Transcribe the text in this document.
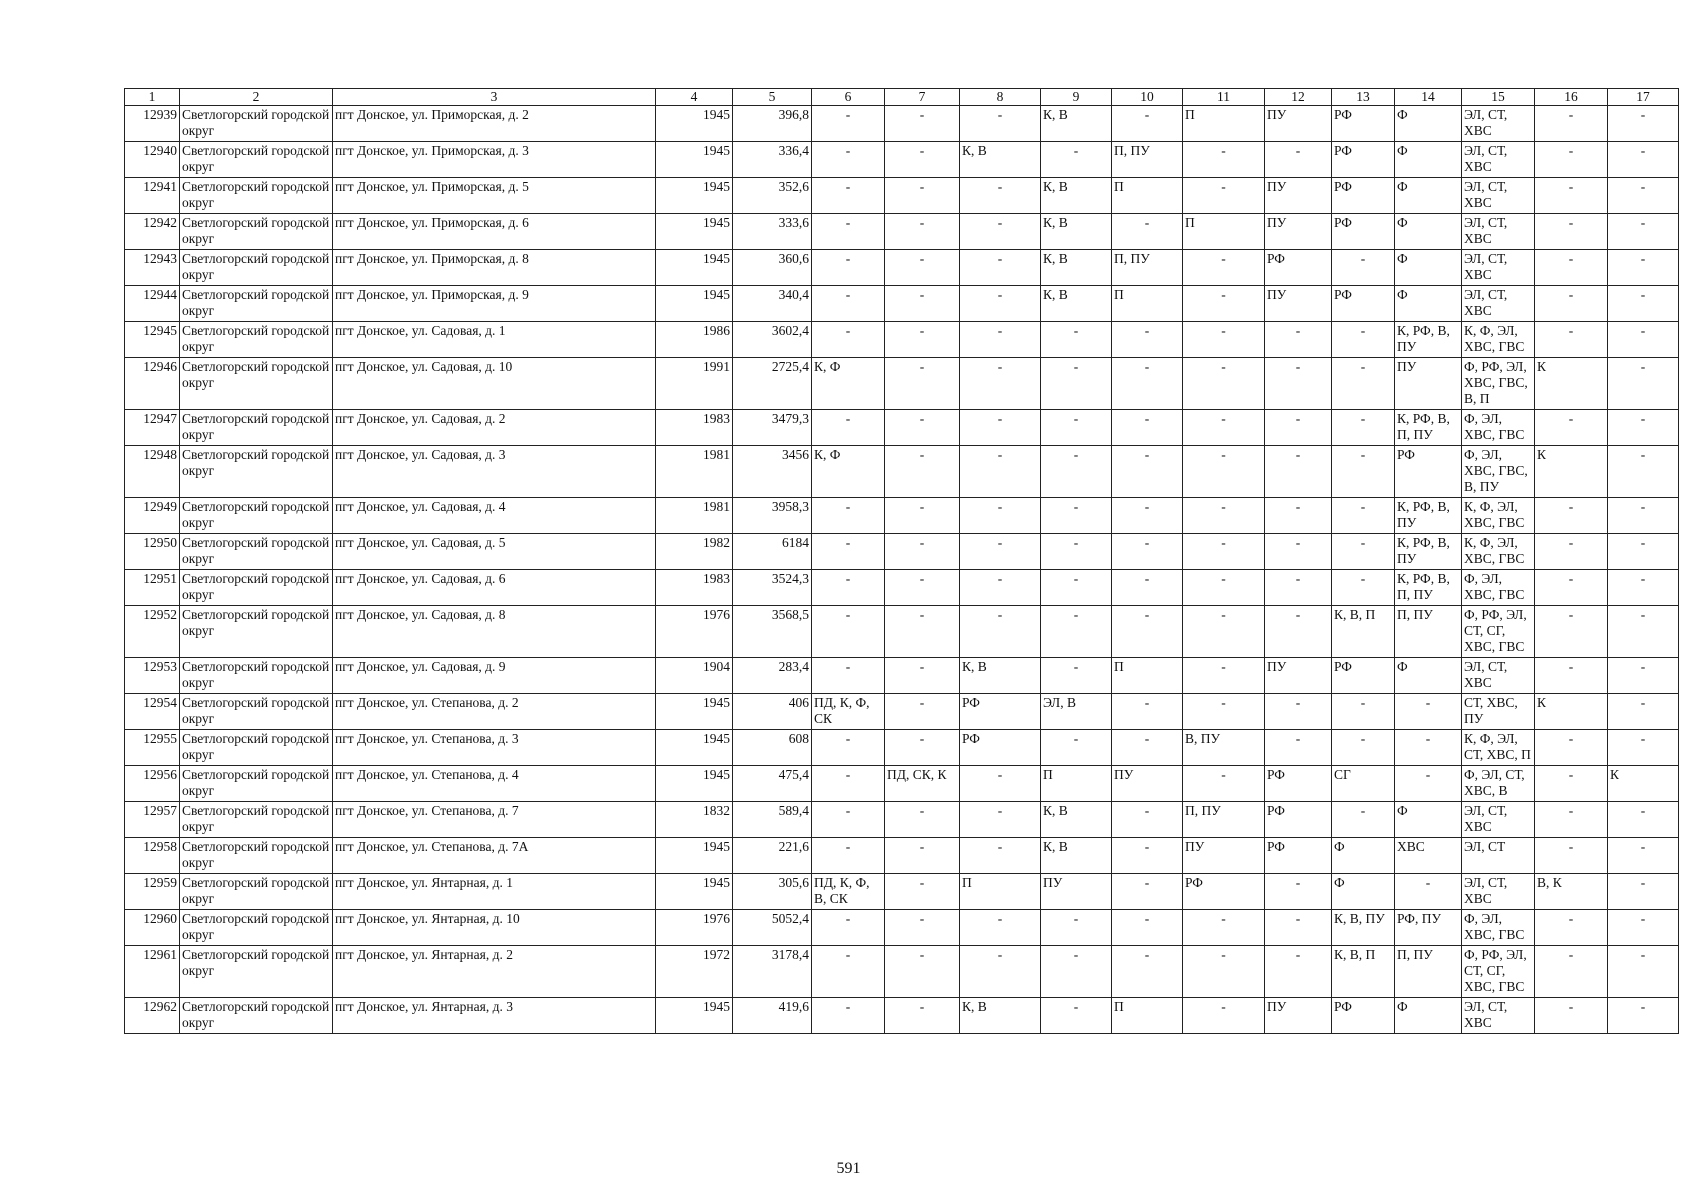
1	2	3	4	5	6	7	8	9	10	11	12	13	14	15	16	17
12939	Светлогорский городской округ	пгт Донское, ул. Приморская, д. 2	1945	396,8	-	-	-	К, В	-	П	ПУ	РФ	Ф	ЭЛ, СТ, ХВС	-	-
12940	Светлогорский городской округ	пгт Донское, ул. Приморская, д. 3	1945	336,4	-	-	К, В	-	П, ПУ	-	-	РФ	Ф	ЭЛ, СТ, ХВС	-	-
12941	Светлогорский городской округ	пгт Донское, ул. Приморская, д. 5	1945	352,6	-	-	-	К, В	П	-	ПУ	РФ	Ф	ЭЛ, СТ, ХВС	-	-
12942	Светлогорский городской округ	пгт Донское, ул. Приморская, д. 6	1945	333,6	-	-	-	К, В	-	П	ПУ	РФ	Ф	ЭЛ, СТ, ХВС	-	-
12943	Светлогорский городской округ	пгт Донское, ул. Приморская, д. 8	1945	360,6	-	-	-	К, В	П, ПУ	-	РФ	-	Ф	ЭЛ, СТ, ХВС	-	-
12944	Светлогорский городской округ	пгт Донское, ул. Приморская, д. 9	1945	340,4	-	-	-	К, В	П	-	ПУ	РФ	Ф	ЭЛ, СТ, ХВС	-	-
12945	Светлогорский городской округ	пгт Донское, ул. Садовая, д. 1	1986	3602,4	-	-	-	-	-	-	-	-	К, РФ, В, ПУ	К, Ф, ЭЛ, ХВС, ГВС	-	-
12946	Светлогорский городской округ	пгт Донское, ул. Садовая, д. 10	1991	2725,4	К, Ф	-	-	-	-	-	-	-	ПУ	Ф, РФ, ЭЛ, ХВС, ГВС, В, П	К	-
12947	Светлогорский городской округ	пгт Донское, ул. Садовая, д. 2	1983	3479,3	-	-	-	-	-	-	-	-	К, РФ, В, П, ПУ	Ф, ЭЛ, ХВС, ГВС	-	-
12948	Светлогорский городской округ	пгт Донское, ул. Садовая, д. 3	1981	3456	К, Ф	-	-	-	-	-	-	-	РФ	Ф, ЭЛ, ХВС, ГВС, В, ПУ	К	-
12949	Светлогорский городской округ	пгт Донское, ул. Садовая, д. 4	1981	3958,3	-	-	-	-	-	-	-	-	К, РФ, В, ПУ	К, Ф, ЭЛ, ХВС, ГВС	-	-
12950	Светлогорский городской округ	пгт Донское, ул. Садовая, д. 5	1982	6184	-	-	-	-	-	-	-	-	К, РФ, В, ПУ	К, Ф, ЭЛ, ХВС, ГВС	-	-
12951	Светлогорский городской округ	пгт Донское, ул. Садовая, д. 6	1983	3524,3	-	-	-	-	-	-	-	-	К, РФ, В, П, ПУ	Ф, ЭЛ, ХВС, ГВС	-	-
12952	Светлогорский городской округ	пгт Донское, ул. Садовая, д. 8	1976	3568,5	-	-	-	-	-	-	-	К, В, П	П, ПУ	Ф, РФ, ЭЛ, СТ, СГ, ХВС, ГВС	-	-
12953	Светлогорский городской округ	пгт Донское, ул. Садовая, д. 9	1904	283,4	-	-	К, В	-	П	-	ПУ	РФ	Ф	ЭЛ, СТ, ХВС	-	-
12954	Светлогорский городской округ	пгт Донское, ул. Степанова, д. 2	1945	406	ПД, К, Ф, СК	-	РФ	ЭЛ, В	-	-	-	-	-	СТ, ХВС, ПУ	К	-
12955	Светлогорский городской округ	пгт Донское, ул. Степанова, д. 3	1945	608	-	-	РФ	-	-	В, ПУ	-	-	-	К, Ф, ЭЛ, СТ, ХВС, П	-	-
12956	Светлогорский городской округ	пгт Донское, ул. Степанова, д. 4	1945	475,4	-	ПД, СК, К	-	П	ПУ	-	РФ	СГ	-	Ф, ЭЛ, СТ, ХВС, В	-	К
12957	Светлогорский городской округ	пгт Донское, ул. Степанова, д. 7	1832	589,4	-	-	-	К, В	-	П, ПУ	РФ	-	Ф	ЭЛ, СТ, ХВС	-	-
12958	Светлогорский городской округ	пгт Донское, ул. Степанова, д. 7А	1945	221,6	-	-	-	К, В	-	ПУ	РФ	Ф	ХВС	ЭЛ, СТ	-	-
12959	Светлогорский городской округ	пгт Донское, ул. Янтарная, д. 1	1945	305,6	ПД, К, Ф, В, СК	-	П	ПУ	-	РФ	-	Ф	-	ЭЛ, СТ, ХВС	В, К	-
12960	Светлогорский городской округ	пгт Донское, ул. Янтарная, д. 10	1976	5052,4	-	-	-	-	-	-	-	К, В, ПУ	РФ, ПУ	Ф, ЭЛ, ХВС, ГВС	-	-
12961	Светлогорский городской округ	пгт Донское, ул. Янтарная, д. 2	1972	3178,4	-	-	-	-	-	-	-	К, В, П	П, ПУ	Ф, РФ, ЭЛ, СТ, СГ, ХВС, ГВС	-	-
12962	Светлогорский городской округ	пгт Донское, ул. Янтарная, д. 3	1945	419,6	-	-	К, В	-	П	-	ПУ	РФ	Ф	ЭЛ, СТ, ХВС	-	-
591
